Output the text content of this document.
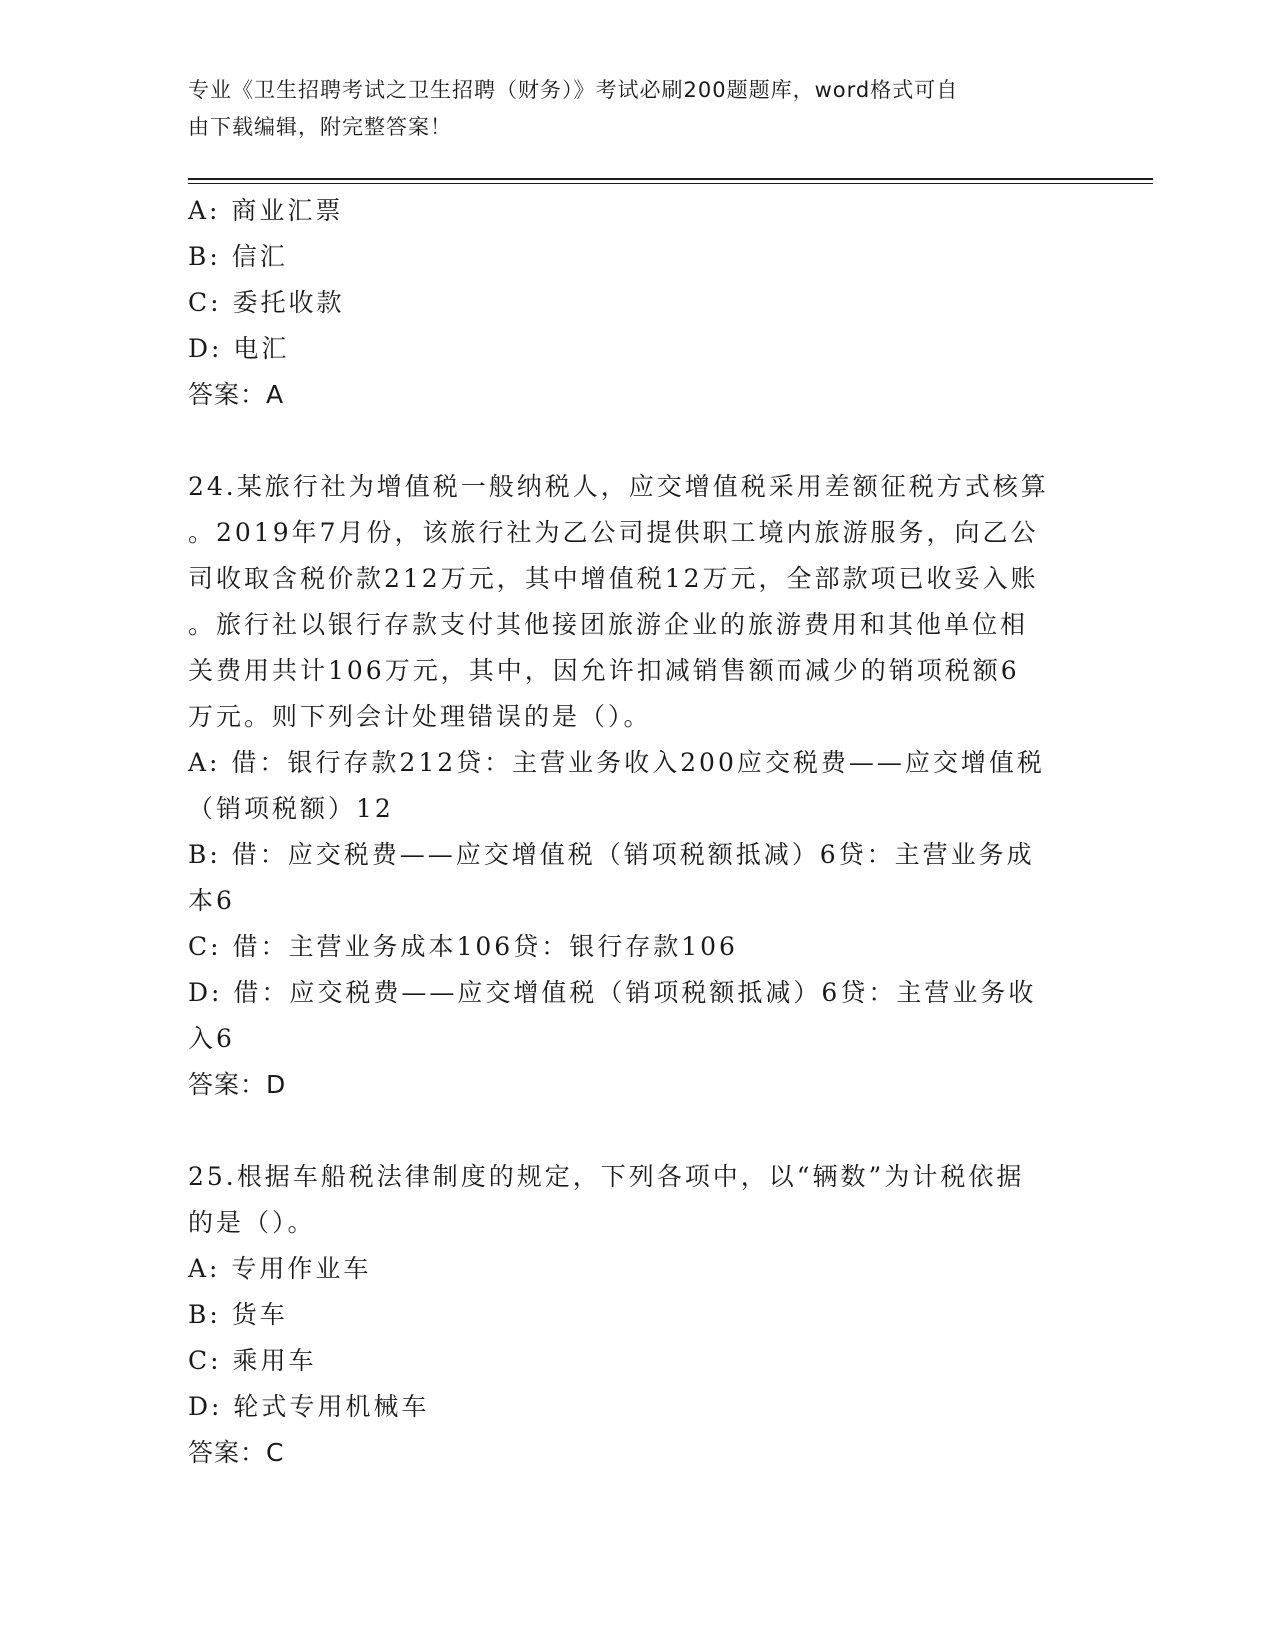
专业《卫生招聘考试之卫生招聘（财务）》考试必刷200题题库，word格式可自
由下载编辑，附完整答案！
A: 商业汇票
B: 信汇
C: 委托收款
D: 电汇
答案：A
24.某旅行社为增值税一般纳税人，应交增值税采用差额征税方式核算
。2019年7月份，该旅行社为乙公司提供职工境内旅游服务，向乙公
司收取含税价款212万元，其中增值税12万元，全部款项已收妥入账
。旅行社以银行存款支付其他接团旅游企业的旅游费用和其他单位相
关费用共计106万元，其中，因允许扣减销售额而减少的销项税额6
万元。则下列会计处理错误的是（）。
A: 借：银行存款212贷：主营业务收入200应交税费——应交增值税
（销项税额）12
B: 借：应交税费——应交增值税（销项税额抵减）6贷：主营业务成
本6
C: 借：主营业务成本106贷：银行存款106
D: 借：应交税费——应交增值税（销项税额抵减）6贷：主营业务收
入6
答案：D
25.根据车船税法律制度的规定，下列各项中，以“辆数”为计税依据
的是（）。
A: 专用作业车
B: 货车
C: 乘用车
D: 轮式专用机械车
答案：C
